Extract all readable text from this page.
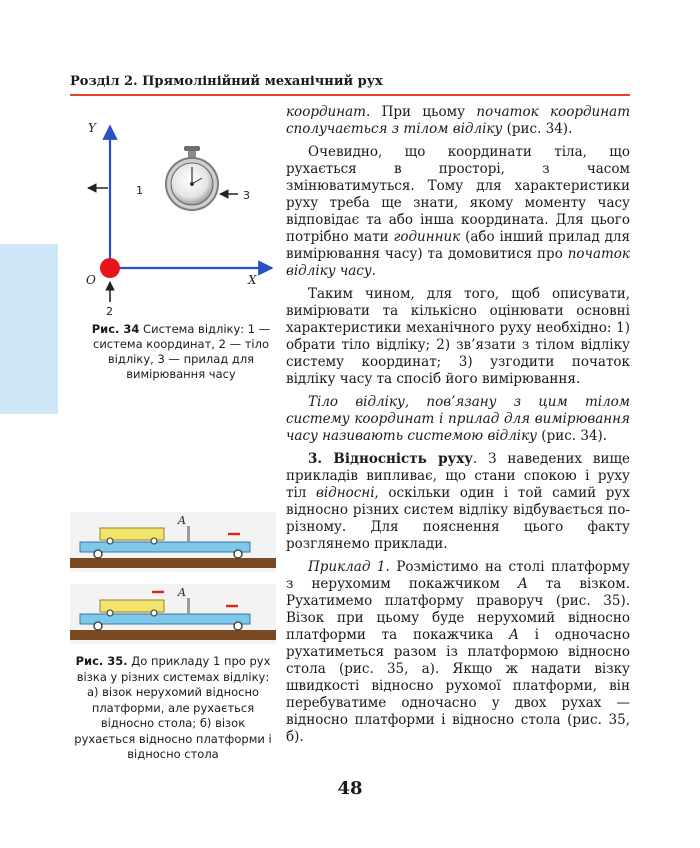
Розділ 2. Прямолінійний механічний рух
Y
X
O
1	3
2
Рис. 34 Система відліку: 1 — система координат, 2 — тіло відліку, 3 — прилад для вимірювання часу
A
A
Рис. 35. До прикладу 1 про рух візка у різних системах відліку: а) візок нерухомий відносно платформи, але рухається відносно стола; б) візок рухається відносно платформи і відносно стола

координат. При цьому початок координат сполучається з тілом відліку (рис. 34).

Очевидно, що координати тіла, що рухається в просторі, з часом змінюватимуться. Тому для характеристики руху треба ще знати, якому моменту часу відповідає та або інша координата. Для цього потрібно мати годинник (або інший прилад для вимірювання часу) та домовитися про початок відліку часу.

Таким чином, для того, щоб описувати, вимірювати та кількісно оцінювати основні характеристики механічного руху необхідно: 1) обрати тіло відліку; 2) зв’язати з тілом відліку систему координат; 3) узгодити початок відліку часу та спосіб його вимірювання.

Тіло відліку, пов’язану з цим тілом систему координат і прилад для вимірювання часу називають системою відліку (рис. 34).

3. Відносність руху. З наведених вище прикладів випливає, що стани спокою і руху тіл відносні, оскільки один і той самий рух відносно різних систем відліку відбувається по-різному. Для пояснення цього факту розглянемо приклади.

Приклад 1. Розмістимо на столі платформу з нерухомим покажчиком A та візком. Рухатимемо платформу праворуч (рис. 35). Візок при цьому буде нерухомий відносно платформи та покажчика A і одночасно рухатиметься разом із платформою відносно стола (рис. 35, а). Якщо ж надати візку швидкості відносно рухомої платформи, він перебуватиме одночасно у двох рухах — відносно платформи і відносно стола (рис. 35, б).

48
